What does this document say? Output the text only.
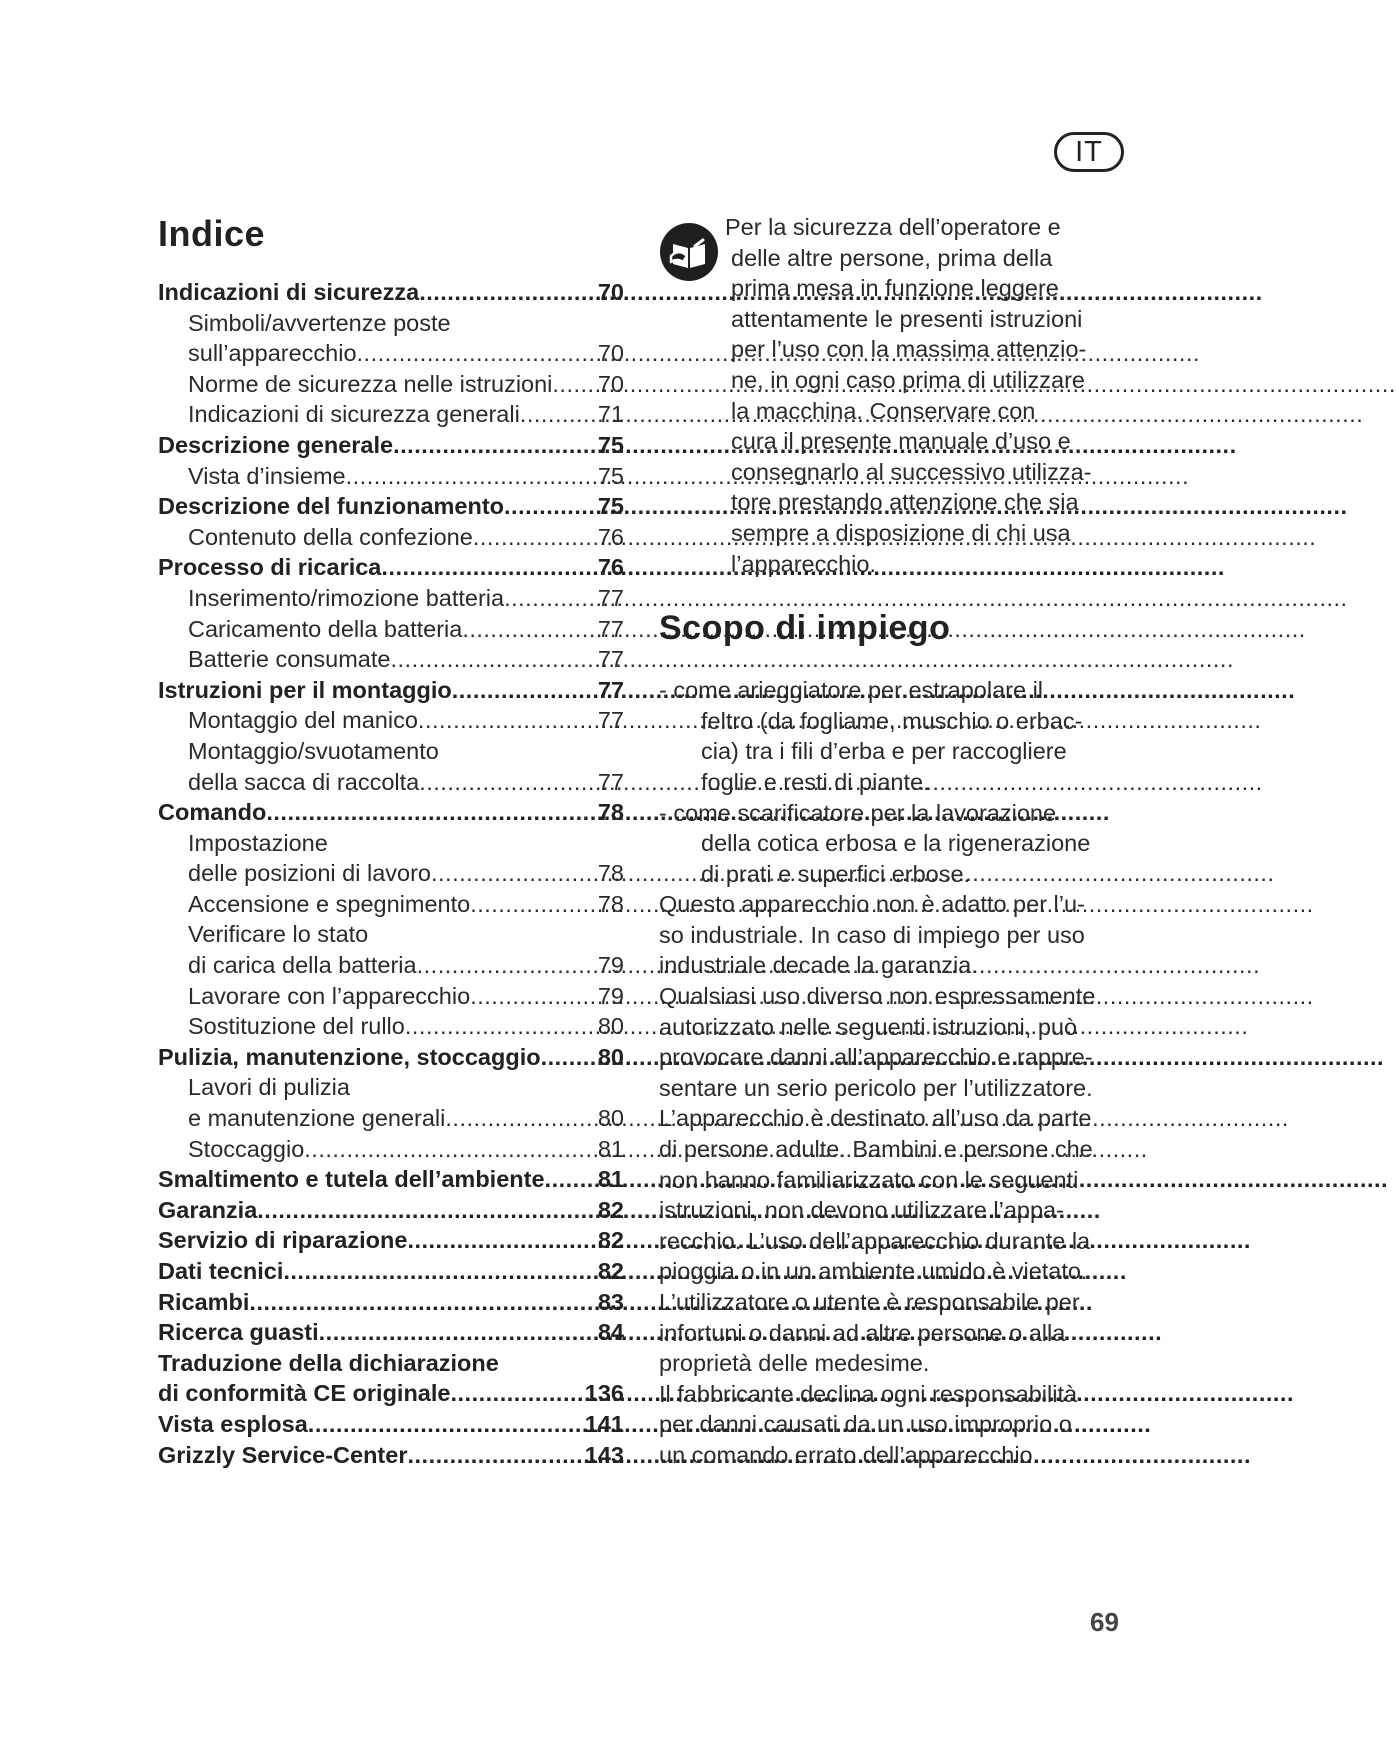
IT
Indice
Indicazioni di sicurezza .....	70
Simboli/avvertenze poste
sull’apparecchio .....	70
Norme de sicurezza nelle istruzioni ..... 70
Indicazioni di sicurezza generali .....	71
Descrizione generale .....	75
Vista d’insieme .....	75
Descrizione del funzionamento .....	75
Contenuto della confezione .....	76
Processo di ricarica .....	76
Inserimento/rimozione batteria .....	77
Caricamento della batteria .....	77
Batterie consumate .....	77
Istruzioni per il montaggio .....	77
Montaggio del manico .....	77
Montaggio/svuotamento
della sacca di raccolta .....	77
Comando .....	78
Impostazione
delle posizioni di lavoro .....	78
Accensione e spegnimento .....	78
Verificare lo stato
di carica della batteria .....	79
Lavorare con l’apparecchio .....	79
Sostituzione del rullo .....	80
Pulizia, manutenzione, stoccaggio ..... 80
Lavori di pulizia
e manutenzione generali .....	80
Stoccaggio .....	81
Smaltimento e tutela dell’ambiente ..... 81
Garanzia .....	82
Servizio di riparazione .....	82
Dati tecnici .....	82
Ricambi .....	83
Ricerca guasti .....	84
Traduzione della dichiarazione
di conformità CE originale .....	136
Vista esplosa .....	141
Grizzly Service-Center .....	143
Per la sicurezza dell’operatore e
delle altre persone, prima della
prima mesa in funzione leggere
attentamente le presenti istruzioni
per l’uso con la massima attenzio-
ne, in ogni caso prima di utilizzare
la macchina. Conservare con
cura il presente manuale d’uso e
consegnarlo al successivo utilizza-
tore prestando attenzione che sia
sempre a disposizione di chi usa
l’apparecchio.
Scopo di impiego
- come arieggiatore per estrapolare il
feltro (da fogliame, muschio o erbac-
cia) tra i fili d’erba e per raccogliere
foglie e resti di piante.
- come scarificatore per la lavorazione
della cotica erbosa e la rigenerazione
di prati e superfici erbose.
Questo apparecchio non è adatto per l’u-
so industriale. In caso di impiego per uso
industriale decade la garanzia.
Qualsiasi uso diverso non espressamente
autorizzato nelle seguenti istruzioni, può
provocare danni all’apparecchio e rappre-
sentare un serio pericolo per l’utilizzatore.
L’apparecchio è destinato all’uso da parte
di persone adulte. Bambini e persone che
non hanno familiarizzato con le seguenti
istruzioni, non devono utilizzare l’appa-
recchio. L’uso dell’apparecchio durante la
pioggia o in un ambiente umido è vietato.
L’utilizzatore o utente è responsabile per
infortuni o danni ad altre persone o alla
proprietà delle medesime.
Il fabbricante declina ogni responsabilità
per danni causati da un uso improprio o
un comando errato dell’apparecchio.
69
